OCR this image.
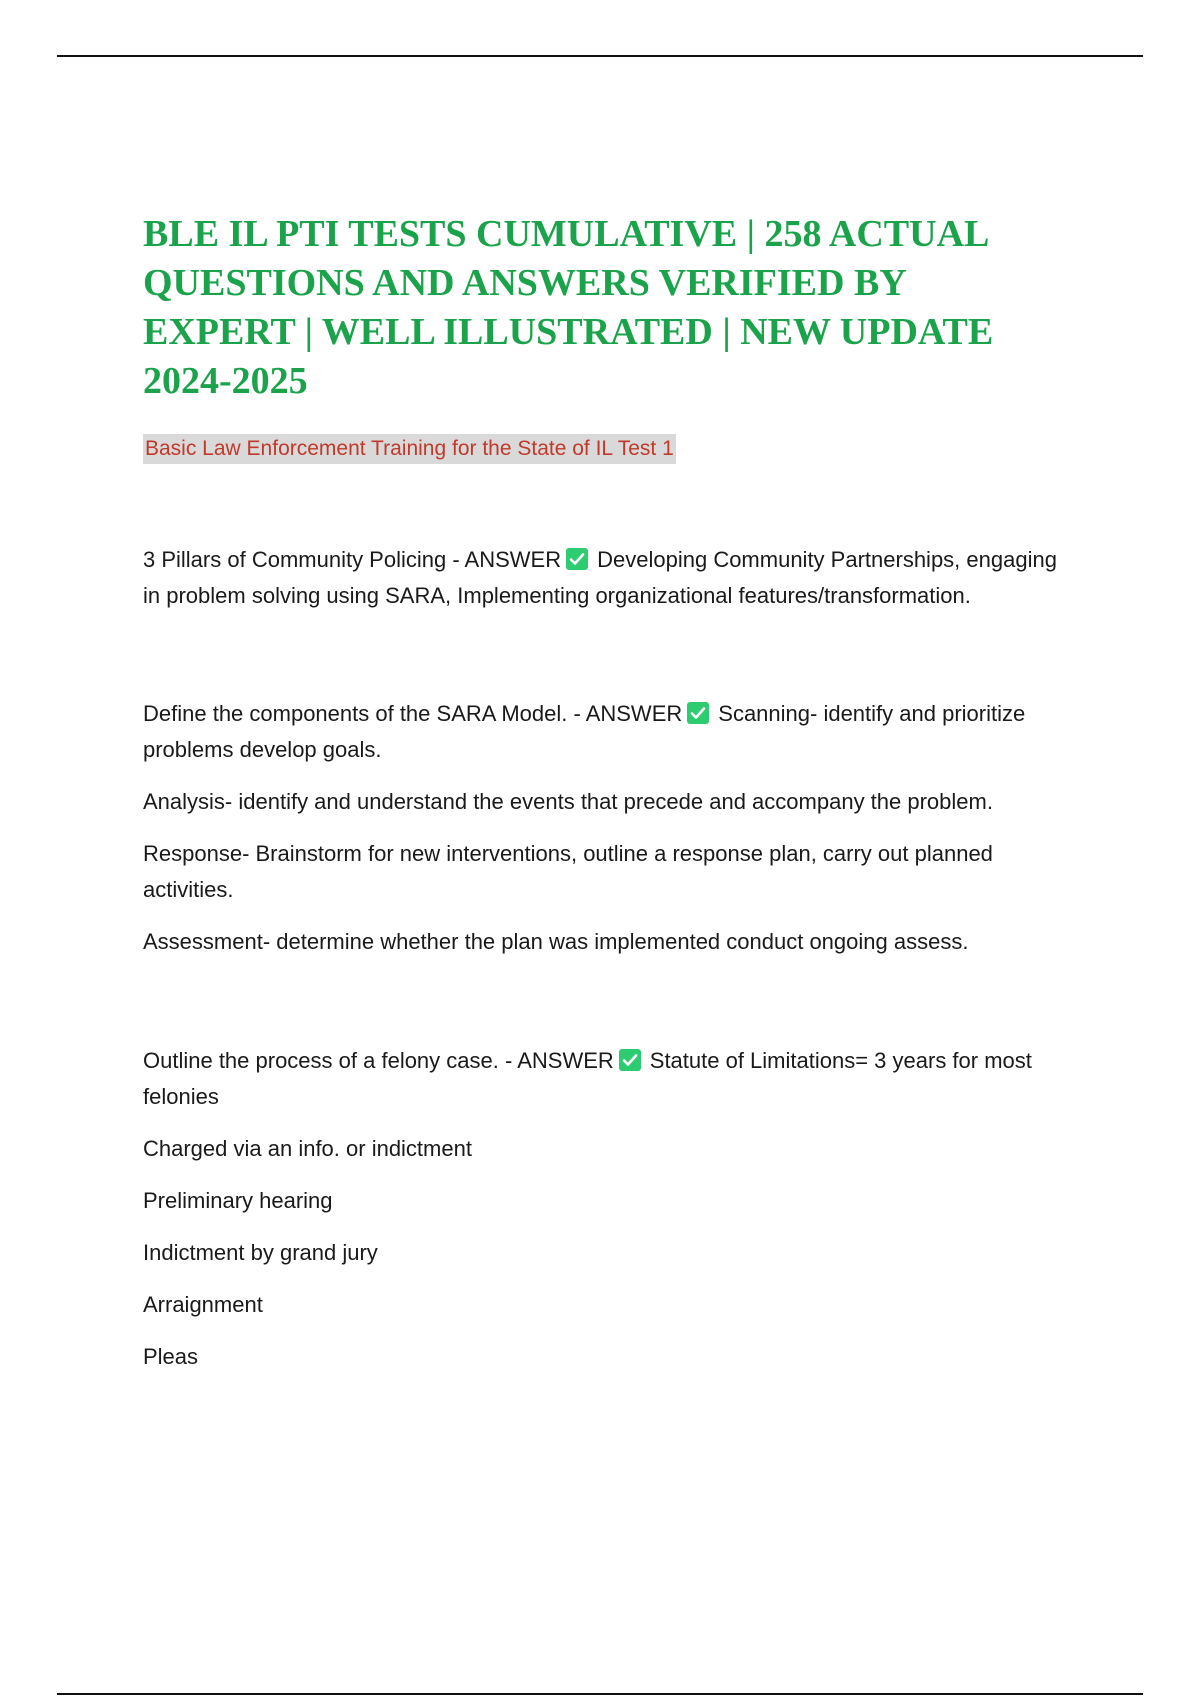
BLE IL PTI TESTS CUMULATIVE | 258 ACTUAL QUESTIONS AND ANSWERS VERIFIED BY EXPERT | WELL ILLUSTRATED | NEW UPDATE 2024-2025
Basic Law Enforcement Training for the State of IL Test 1

3 Pillars of Community Policing - ANSWER Developing Community Partnerships, engaging in problem solving using SARA, Implementing organizational features/transformation.

Define the components of the SARA Model. - ANSWER Scanning- identify and prioritize problems develop goals.

Analysis- identify and understand the events that precede and accompany the problem.

Response- Brainstorm for new interventions, outline a response plan, carry out planned activities.

Assessment- determine whether the plan was implemented conduct ongoing assess.

Outline the process of a felony case. - ANSWER Statute of Limitations= 3 years for most felonies

Charged via an info. or indictment

Preliminary hearing

Indictment by grand jury

Arraignment

Pleas
